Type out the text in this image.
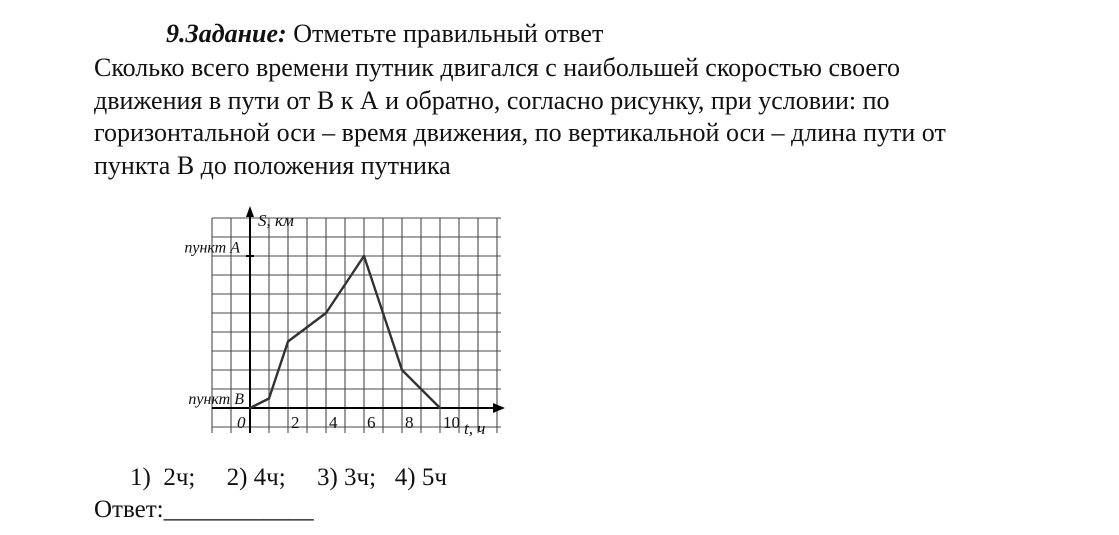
9.Задание: Отметьте правильный ответ
Сколько всего времени путник двигался с наибольшей скоростью своего
движения в пути от В к А и обратно, согласно рисунку, при условии: по
горизонтальной оси – время движения, по вертикальной оси – длина пути от
пункта В до положения путника
0	2 4 6 8 10 t, ч
S, км
пункт A
пункт B
1)  2ч;     2) 4ч;     3) 3ч;   4) 5ч
Ответ:____________
